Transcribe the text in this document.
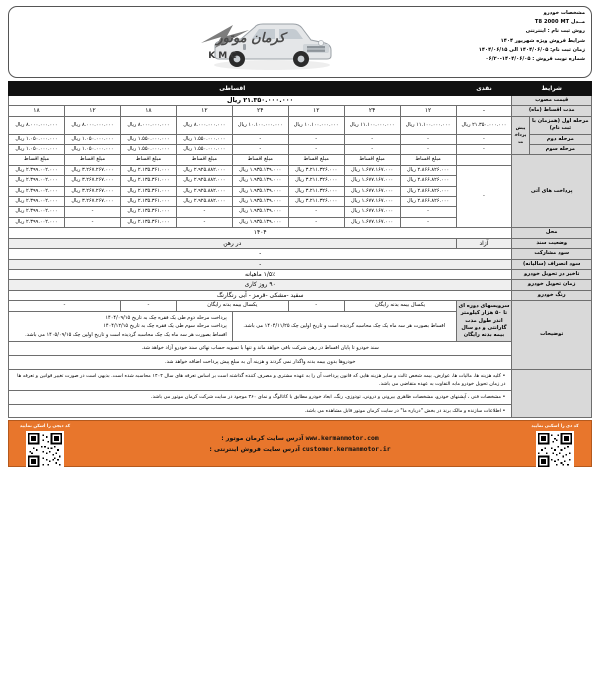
مشخصات خودرو
مــدل T8 2000 MT
روش ثبت نام : اینترنتی
شرایط فروش ویژه شهریور ۱۴۰۴
زمان ثبت نام: ۱۴۰۴/۰۶/۰۵ الی ۱۴۰۴/۰۶/۱۵
شماره نوبت فروش : ۱۴۰۴/۰۶/۰۵-۰۶/۲۰
KMC
کرمان موتور
شرایط		نقدی	اقساطی							
قیمت مصوب		۲۱.۳۵۰.۰۰۰.۰۰۰ ریال								
مدت اقساط (ماه)		-	۱۲	۲۴	۱۲	۲۴	۱۲	۱۸	۱۲	۱۸
مرحله اول (همزمان با ثبت نام)	پیش پرداخت	۲۱.۳۵۰.۰۰۰.۰۰۰ ریال	۱۱.۱۰۰.۰۰۰.۰۰۰ ریال	۱۱.۱۰۰.۰۰۰.۰۰۰ ریال	۱۰.۱۰۰.۰۰۰.۰۰۰ ریال	۱۰.۱۰۰.۰۰۰.۰۰۰ ریال	۸.۰۰۰.۰۰۰.۰۰۰ ریال	۸.۰۰۰.۰۰۰.۰۰۰ ریال	۸.۰۰۰.۰۰۰.۰۰۰ ریال	۸.۰۰۰.۰۰۰.۰۰۰ ریال
مرحله دوم		-	-	-	-	-	۱.۵۵۰.۰۰۰.۰۰۰ ریال	۱.۵۵۰.۰۰۰.۰۰۰ ریال	۱.۰۵۰.۰۰۰.۰۰۰ ریال	۱.۰۵۰.۰۰۰.۰۰۰ ریال
مرحله سوم		-	-	-	-	-	۱.۵۵۰.۰۰۰.۰۰۰ ریال	۱.۵۵۰.۰۰۰.۰۰۰ ریال	۱.۰۵۰.۰۰۰.۰۰۰ ریال	۱.۰۵۰.۰۰۰.۰۰۰ ریال
پرداخت های آتی			مبلغ اقساط	مبلغ اقساط	مبلغ اقساط	مبلغ اقساط	مبلغ اقساط	مبلغ اقساط	مبلغ اقساط	مبلغ اقساط
		-	۲.۸۶۶.۸۲۶.۰۰۰ ریال	۱.۶۷۷.۱۶۷.۰۰۰ ریال	۳.۲۱۱.۳۲۶.۰۰۰ ریال	۱.۹۳۵.۱۳۹.۰۰۰ ریال	۲.۹۲۵.۸۸۲.۰۰۰ ریال	۲.۱۳۵.۳۶۱.۰۰۰ ریال	۳.۲۶۷.۲۶۷.۰۰۰ ریال	۲.۳۹۹.۰۰۲.۰۰۰ ریال
			۲.۸۶۶.۸۲۶.۰۰۰ ریال	۱.۶۷۷.۱۶۷.۰۰۰ ریال	۳.۲۱۱.۳۲۶.۰۰۰ ریال	۱.۹۳۵.۱۳۹.۰۰۰ ریال	۲.۹۲۵.۸۸۲.۰۰۰ ریال	۲.۱۳۵.۳۶۱.۰۰۰ ریال	۳.۲۶۷.۲۶۷.۰۰۰ ریال	۲.۳۹۹.۰۰۲.۰۰۰ ریال
			۲.۸۶۶.۸۲۶.۰۰۰ ریال	۱.۶۷۷.۱۶۷.۰۰۰ ریال	۳.۲۱۱.۳۲۶.۰۰۰ ریال	۱.۹۳۵.۱۳۹.۰۰۰ ریال	۲.۹۲۵.۸۸۲.۰۰۰ ریال	۲.۱۳۵.۳۶۱.۰۰۰ ریال	۳.۲۶۷.۲۶۷.۰۰۰ ریال	۲.۳۹۹.۰۰۲.۰۰۰ ریال
			۲.۸۶۶.۸۲۶.۰۰۰ ریال	۱.۶۷۷.۱۶۷.۰۰۰ ریال	۳.۲۱۱.۳۲۶.۰۰۰ ریال	۱.۹۳۵.۱۳۹.۰۰۰ ریال	۲.۹۲۵.۸۸۲.۰۰۰ ریال	۲.۱۳۵.۳۶۱.۰۰۰ ریال	۳.۲۶۷.۲۶۷.۰۰۰ ریال	۲.۳۹۹.۰۰۲.۰۰۰ ریال
			-	۱.۶۷۷.۱۶۷.۰۰۰ ریال	-	۱.۹۳۵.۱۳۹.۰۰۰ ریال	-	۲.۱۳۵.۳۶۱.۰۰۰ ریال	-	۲.۳۹۹.۰۰۲.۰۰۰ ریال
			-	۱.۶۷۷.۱۶۷.۰۰۰ ریال	-	۱.۹۳۵.۱۳۹.۰۰۰ ریال	-	۲.۱۳۵.۳۶۱.۰۰۰ ریال	-	۲.۳۹۹.۰۰۲.۰۰۰ ریال
محل		۱۴۰۴								
وضعیت سند		آزاد	در رهن							
سود مشارکت		-								
سود انصراف (سالیانه)		-								
تاخیر در تحویل خودرو		۱/۵٪ ماهیانه								
زمان تحویل خودرو		۹۰ روز کاری								
رنگ خودرو		سفید -مشکی -قرمز - آبی رنگارنگ								
توضیحات		سرویسهای دوره ای تا ۵۰ هزار کیلومتر اندر طول مدت گارانتی و دو سال بیمه بدنه رایگان	یکسال بیمه بدنه رایگان		-	یکسال بیمه بدنه رایگان		-	-	
			اقساط بصورت هر سه ماه یک چک محاسبه گردیده است و تاریخ اولین چک ۱۴۰۴/۱۱/۲۵ می باشد.				پرداخت مرحله دوم طی یک فقره چک به تاریخ ۱۴۰۴/۰۹/۱۵
پرداخت مرحله سوم طی یک فقره چک به تاریخ ۱۴۰۴/۱۲/۱۵
اقساط بصورت هر سه ماه یک چک محاسبه گردیده است و تاریخ اولین چک ۱۴۰۵/۰۹/۱۵ می باشد.			

		سند خودرو تا پایان اقساط در رهن شرکت باقی خواهد ماند و تنها با تسویه حساب نهائی سند خودرو آزاد خواهد شد.								
		خودروها بدون بیمه بدنه واگذار نمی گردند و هزینه آن به مبلغ پیش پرداخت اضافه خواهد شد.								
		• کلیه هزینه ها، مالیات ها، عوارض، بیمه شخص ثالث و سایر هزینه هایی که قانون پرداخت آن را به عهده مشتری و مصرف کننده گذاشته است بر اساس تعرفه های سال ۱۴۰۴ محاسبه شده است. بدیهی است در صورت تغییر قوانین و تعرفه ها در زمان تحویل خودرو مابه التفاوت به عهده متقاضی می باشد.								
		• مشخصات فنی ، آپشنهای خودرو، مشخصات ظاهری بیرونی و درونی، تودوزی، رنگ، ابعاد خودرو مطابق با کاتالوگ و نمای ۳۶۰ موجود در سایت شرکت کرمان موتور می باشد.								
		• اطلاعات سازنده و مالک برند در بخش "درباره ما" در سایت کرمان موتور قابل مشاهده می باشد.								
کد دیجی را اسکن نمایید
دیجی کالا
www.kermanmotor.com آدرس سایت کرمان موتور :
customer.kermanmotor.ir آدرس سایت فروش اینترنتی :
کد دی را اسکنی نمایید
سایت کرمان موتور
